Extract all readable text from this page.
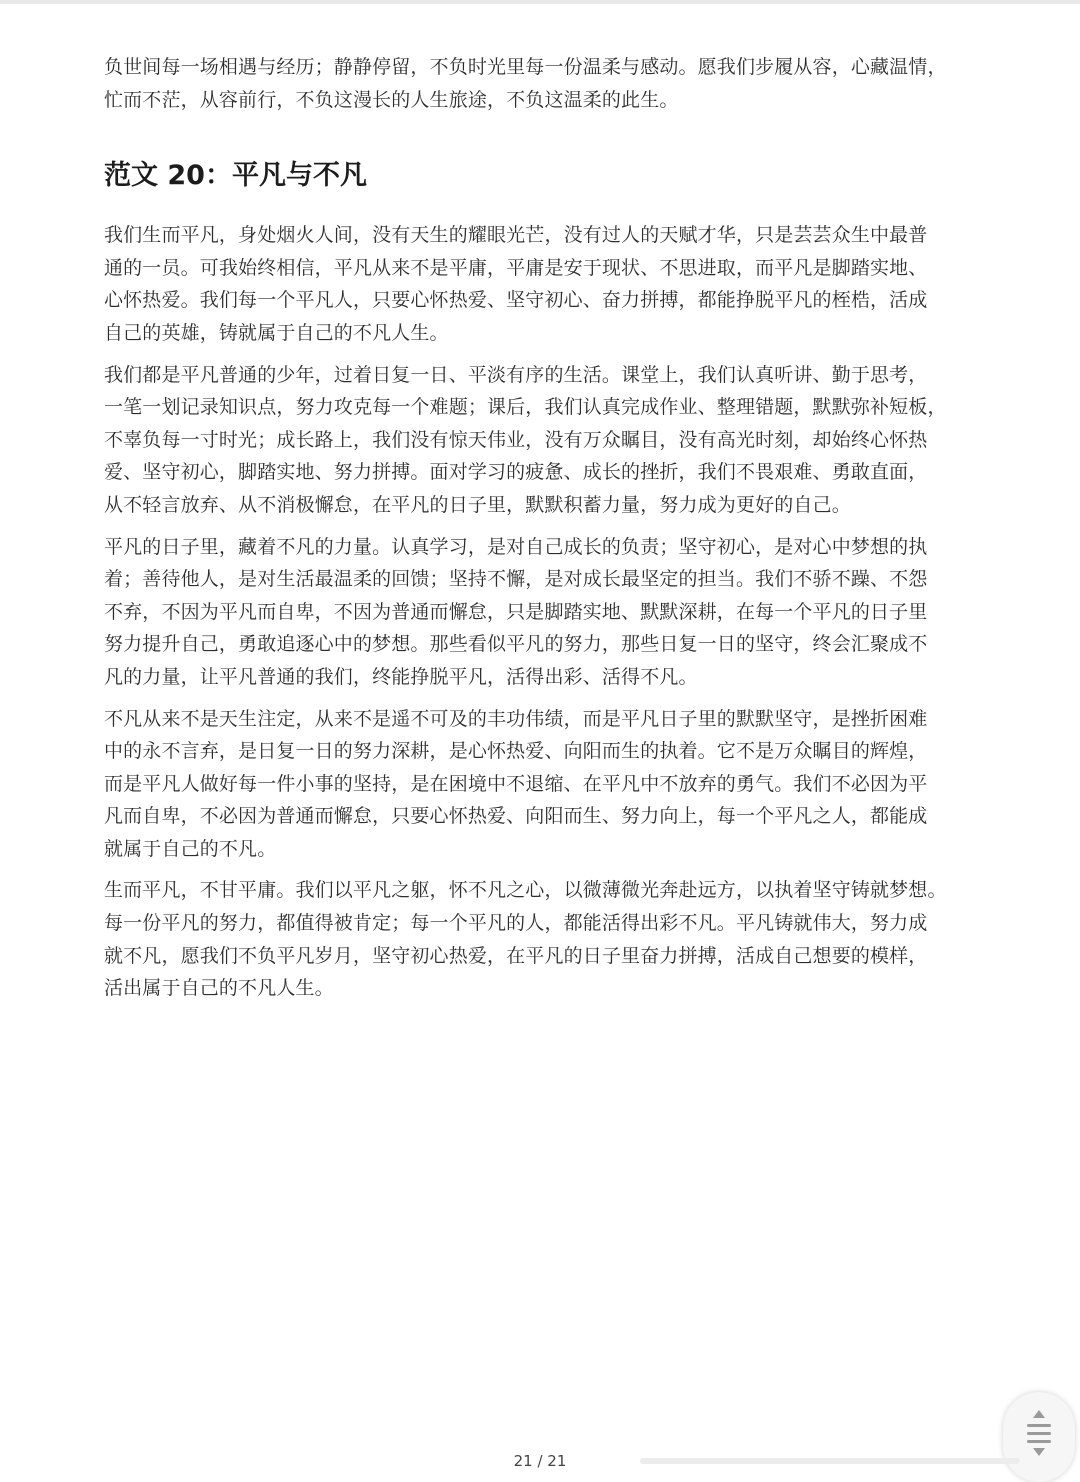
负世间每一场相遇与经历；静静停留，不负时光里每一份温柔与感动。愿我们步履从容，心藏温情，
忙而不茫，从容前行，不负这漫长的人生旅途，不负这温柔的此生。

范文 20：平凡与不凡

我们生而平凡，身处烟火人间，没有天生的耀眼光芒，没有过人的天赋才华，只是芸芸众生中最普
通的一员。可我始终相信，平凡从来不是平庸，平庸是安于现状、不思进取，而平凡是脚踏实地、
心怀热爱。我们每一个平凡人，只要心怀热爱、坚守初心、奋力拼搏，都能挣脱平凡的桎梏，活成
自己的英雄，铸就属于自己的不凡人生。

我们都是平凡普通的少年，过着日复一日、平淡有序的生活。课堂上，我们认真听讲、勤于思考，
一笔一划记录知识点，努力攻克每一个难题；课后，我们认真完成作业、整理错题，默默弥补短板，
不辜负每一寸时光；成长路上，我们没有惊天伟业，没有万众瞩目，没有高光时刻，却始终心怀热
爱、坚守初心，脚踏实地、努力拼搏。面对学习的疲惫、成长的挫折，我们不畏艰难、勇敢直面，
从不轻言放弃、从不消极懈怠，在平凡的日子里，默默积蓄力量，努力成为更好的自己。

平凡的日子里，藏着不凡的力量。认真学习，是对自己成长的负责；坚守初心，是对心中梦想的执
着；善待他人，是对生活最温柔的回馈；坚持不懈，是对成长最坚定的担当。我们不骄不躁、不怨
不弃，不因为平凡而自卑，不因为普通而懈怠，只是脚踏实地、默默深耕，在每一个平凡的日子里
努力提升自己，勇敢追逐心中的梦想。那些看似平凡的努力，那些日复一日的坚守，终会汇聚成不
凡的力量，让平凡普通的我们，终能挣脱平凡，活得出彩、活得不凡。

不凡从来不是天生注定，从来不是遥不可及的丰功伟绩，而是平凡日子里的默默坚守，是挫折困难
中的永不言弃，是日复一日的努力深耕，是心怀热爱、向阳而生的执着。它不是万众瞩目的辉煌，
而是平凡人做好每一件小事的坚持，是在困境中不退缩、在平凡中不放弃的勇气。我们不必因为平
凡而自卑，不必因为普通而懈怠，只要心怀热爱、向阳而生、努力向上，每一个平凡之人，都能成
就属于自己的不凡。

生而平凡，不甘平庸。我们以平凡之躯，怀不凡之心，以微薄微光奔赴远方，以执着坚守铸就梦想。
每一份平凡的努力，都值得被肯定；每一个平凡的人，都能活得出彩不凡。平凡铸就伟大，努力成
就不凡，愿我们不负平凡岁月，坚守初心热爱，在平凡的日子里奋力拼搏，活成自己想要的模样，
活出属于自己的不凡人生。

21 / 21
